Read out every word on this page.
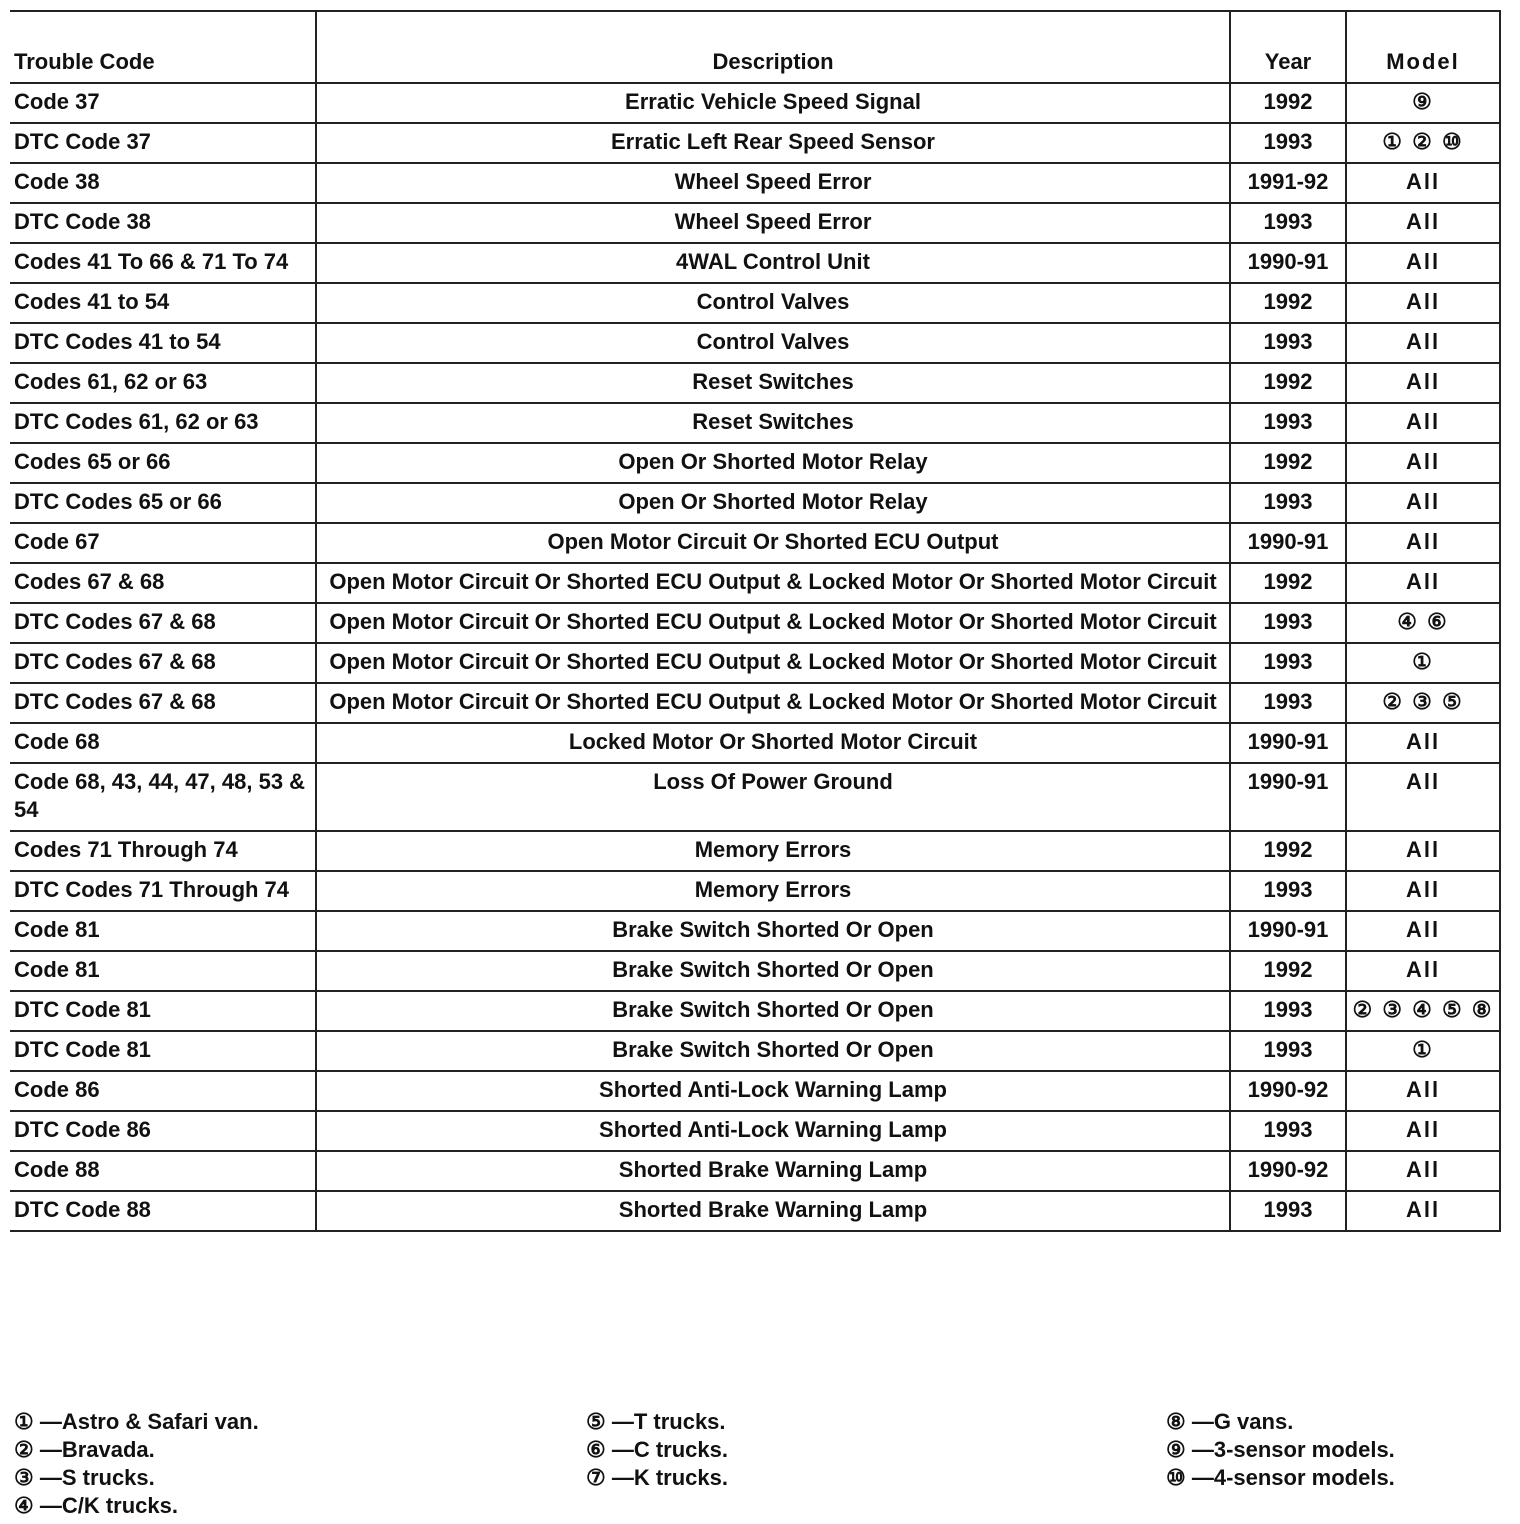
Trouble Code	Description	Year	Model
Code 37	Erratic Vehicle Speed Signal	1992	⑨
DTC Code 37	Erratic Left Rear Speed Sensor	1993	① ② ⑩
Code 38	Wheel Speed Error	1991-92	All
DTC Code 38	Wheel Speed Error	1993	All
Codes 41 To 66 & 71 To 74	4WAL Control Unit	1990-91	All
Codes 41 to 54	Control Valves	1992	All
DTC Codes 41 to 54	Control Valves	1993	All
Codes 61, 62 or 63	Reset Switches	1992	All
DTC Codes 61, 62 or 63	Reset Switches	1993	All
Codes 65 or 66	Open Or Shorted Motor Relay	1992	All
DTC Codes 65 or 66	Open Or Shorted Motor Relay	1993	All
Code 67	Open Motor Circuit Or Shorted ECU Output	1990-91	All
Codes 67 & 68	Open Motor Circuit Or Shorted ECU Output & Locked Motor Or Shorted Motor Circuit	1992	All
DTC Codes 67 & 68	Open Motor Circuit Or Shorted ECU Output & Locked Motor Or Shorted Motor Circuit	1993	④ ⑥
DTC Codes 67 & 68	Open Motor Circuit Or Shorted ECU Output & Locked Motor Or Shorted Motor Circuit	1993	①
DTC Codes 67 & 68	Open Motor Circuit Or Shorted ECU Output & Locked Motor Or Shorted Motor Circuit	1993	② ③ ⑤
Code 68	Locked Motor Or Shorted Motor Circuit	1990-91	All
Code 68, 43, 44, 47, 48, 53 & 54	Loss Of Power Ground	1990-91	All
Codes 71 Through 74	Memory Errors	1992	All
DTC Codes 71 Through 74	Memory Errors	1993	All
Code 81	Brake Switch Shorted Or Open	1990-91	All
Code 81	Brake Switch Shorted Or Open	1992	All
DTC Code 81	Brake Switch Shorted Or Open	1993	② ③ ④ ⑤ ⑧
DTC Code 81	Brake Switch Shorted Or Open	1993	①
Code 86	Shorted Anti-Lock Warning Lamp	1990-92	All
DTC Code 86	Shorted Anti-Lock Warning Lamp	1993	All
Code 88	Shorted Brake Warning Lamp	1990-92	All
DTC Code 88	Shorted Brake Warning Lamp	1993	All
① —Astro & Safari van.
② —Bravada.
③ —S trucks.
④ —C/K trucks.
⑤ —T trucks.
⑥ —C trucks.
⑦ —K trucks.
⑧ —G vans.
⑨ —3-sensor models.
⑩ —4-sensor models.
